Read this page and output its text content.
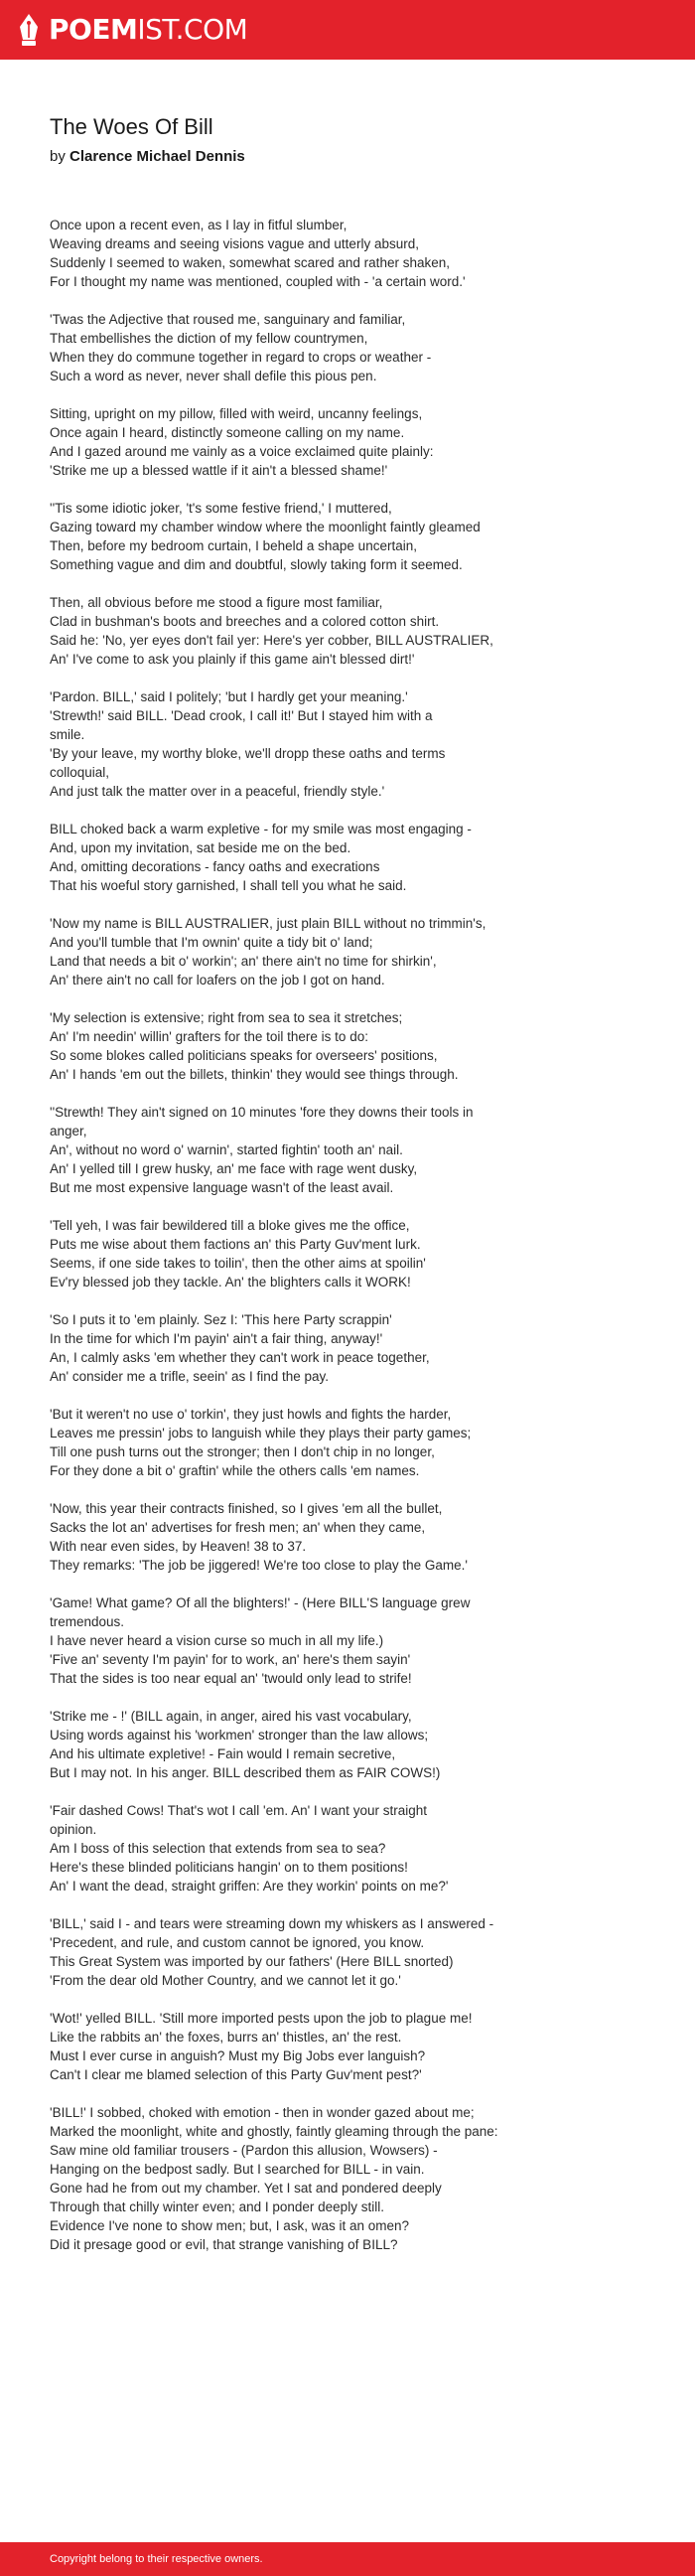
POEMIST.COM
The Woes Of Bill
by Clarence Michael Dennis

Once upon a recent even, as I lay in fitful slumber,
Weaving dreams and seeing visions vague and utterly absurd,
Suddenly I seemed to waken, somewhat scared and rather shaken,
For I thought my name was mentioned, coupled with - 'a certain word.'

'Twas the Adjective that roused me, sanguinary and familiar,
That embellishes the diction of my fellow countrymen,
When they do commune together in regard to crops or weather -
Such a word as never, never shall defile this pious pen.

Sitting, upright on my pillow, filled with weird, uncanny feelings,
Once again I heard, distinctly someone calling on my name.
And I gazed around me vainly as a voice exclaimed quite plainly:
'Strike me up a blessed wattle if it ain't a blessed shame!'

''Tis some idiotic joker, 't's some festive friend,' I muttered,
Gazing toward my chamber window where the moonlight faintly gleamed
Then, before my bedroom curtain, I beheld a shape uncertain,
Something vague and dim and doubtful, slowly taking form it seemed.

Then, all obvious before me stood a figure most familiar,
Clad in bushman's boots and breeches and a colored cotton shirt.
Said he: 'No, yer eyes don't fail yer: Here's yer cobber, BILL AUSTRALIER,
An' I've come to ask you plainly if this game ain't blessed dirt!'

'Pardon. BILL,' said I politely; 'but I hardly get your meaning.'
'Strewth!' said BILL. 'Dead crook, I call it!' But I stayed him with a
smile.
'By your leave, my worthy bloke, we'll dropp these oaths and terms
colloquial,
And just talk the matter over in a peaceful, friendly style.'

BILL choked back a warm expletive - for my smile was most engaging -
And, upon my invitation, sat beside me on the bed.
And, omitting decorations - fancy oaths and execrations
That his woeful story garnished, I shall tell you what he said.

'Now my name is BILL AUSTRALIER, just plain BILL without no trimmin's,
And you'll tumble that I'm ownin' quite a tidy bit o' land;
Land that needs a bit o' workin'; an' there ain't no time for shirkin',
An' there ain't no call for loafers on the job I got on hand.

'My selection is extensive; right from sea to sea it stretches;
An' I'm needin' willin' grafters for the toil there is to do:
So some blokes called politicians speaks for overseers' positions,
An' I hands 'em out the billets, thinkin' they would see things through.

''Strewth! They ain't signed on 10 minutes 'fore they downs their tools in
anger,
An', without no word o' warnin', started fightin' tooth an' nail.
An' I yelled till I grew husky, an' me face with rage went dusky,
But me most expensive language wasn't of the least avail.

'Tell yeh, I was fair bewildered till a bloke gives me the office,
Puts me wise about them factions an' this Party Guv'ment lurk.
Seems, if one side takes to toilin', then the other aims at spoilin'
Ev'ry blessed job they tackle. An' the blighters calls it WORK!

'So I puts it to 'em plainly. Sez I: 'This here Party scrappin'
In the time for which I'm payin' ain't a fair thing, anyway!'
An, I calmly asks 'em whether they can't work in peace together,
An' consider me a trifle, seein' as I find the pay.

'But it weren't no use o' torkin', they just howls and fights the harder,
Leaves me pressin' jobs to languish while they plays their party games;
Till one push turns out the stronger; then I don't chip in no longer,
For they done a bit o' graftin' while the others calls 'em names.

'Now, this year their contracts finished, so I gives 'em all the bullet,
Sacks the lot an' advertises for fresh men; an' when they came,
With near even sides, by Heaven! 38 to 37.
They remarks: 'The job be jiggered! We're too close to play the Game.'

'Game! What game? Of all the blighters!' - (Here BILL'S language grew
tremendous.
I have never heard a vision curse so much in all my life.)
'Five an' seventy I'm payin' for to work, an' here's them sayin'
That the sides is too near equal an' 'twould only lead to strife!

'Strike me - !' (BILL again, in anger, aired his vast vocabulary,
Using words against his 'workmen' stronger than the law allows;
And his ultimate expletive! - Fain would I remain secretive,
But I may not. In his anger. BILL described them as FAIR COWS!)

'Fair dashed Cows! That's wot I call 'em. An' I want your straight
opinion.
Am I boss of this selection that extends from sea to sea?
Here's these blinded politicians hangin' on to them positions!
An' I want the dead, straight griffen: Are they workin' points on me?'

'BILL,' said I - and tears were streaming down my whiskers as I answered -
'Precedent, and rule, and custom cannot be ignored, you know.
This Great System was imported by our fathers' (Here BILL snorted)
'From the dear old Mother Country, and we cannot let it go.'

'Wot!' yelled BILL. 'Still more imported pests upon the job to plague me!
Like the rabbits an' the foxes, burrs an' thistles, an' the rest.
Must I ever curse in anguish? Must my Big Jobs ever languish?
Can't I clear me blamed selection of this Party Guv'ment pest?'

'BILL!' I sobbed, choked with emotion - then in wonder gazed about me;
Marked the moonlight, white and ghostly, faintly gleaming through the pane:
Saw mine old familiar trousers - (Pardon this allusion, Wowsers) -
Hanging on the bedpost sadly. But I searched for BILL - in vain.
Gone had he from out my chamber. Yet I sat and pondered deeply
Through that chilly winter even; and I ponder deeply still.
Evidence I've none to show men; but, I ask, was it an omen?
Did it presage good or evil, that strange vanishing of BILL?

Copyright belong to their respective owners.
